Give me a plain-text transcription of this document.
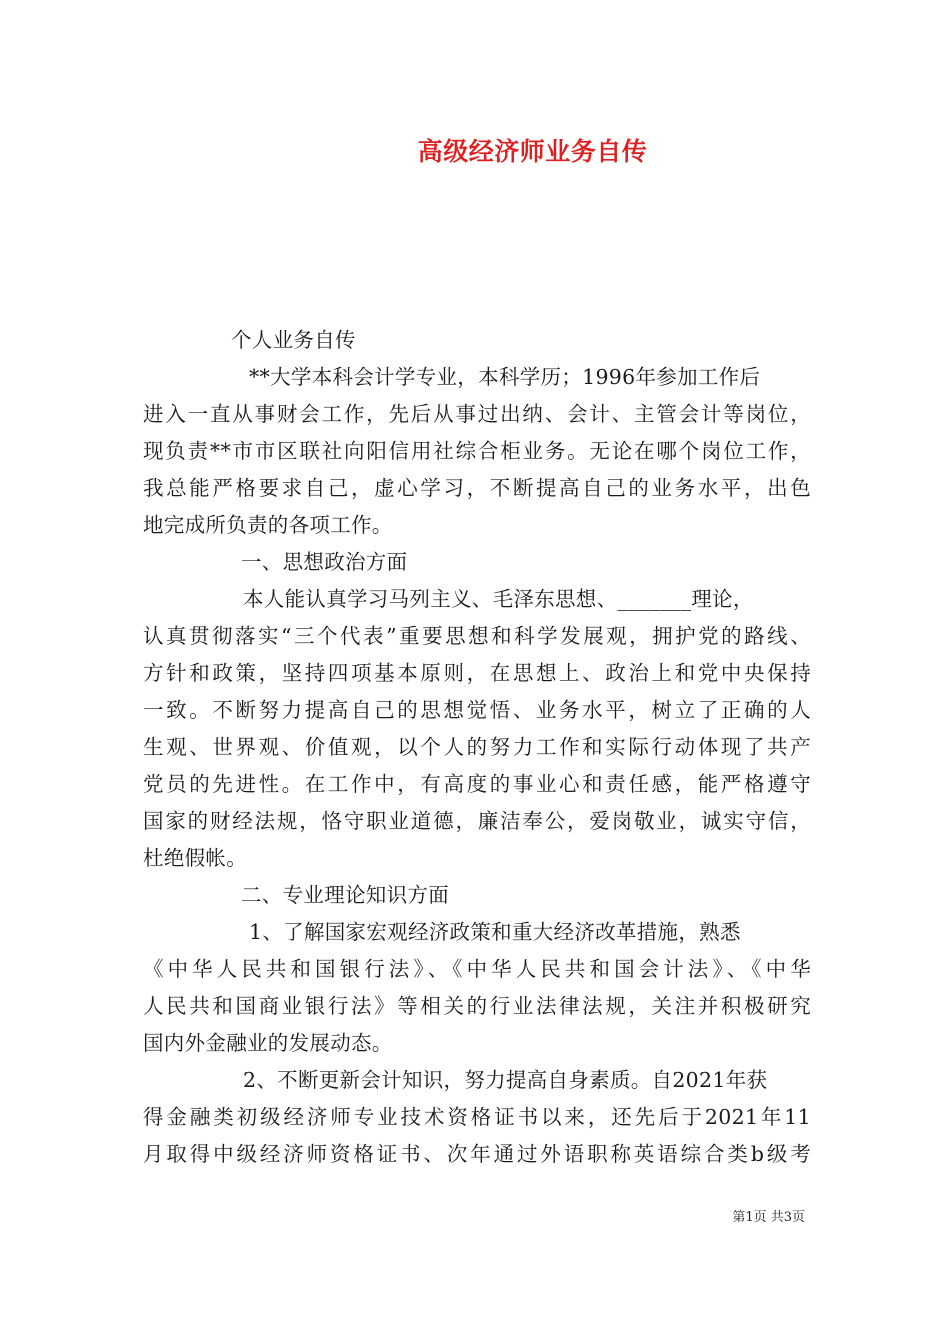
高级经济师业务自传
个人业务自传
**大学本科会计学专业，本科学历；1996年参加工作后
进入一直从事财会工作，先后从事过出纳、会计、主管会计等岗位，
现负责**市市区联社向阳信用社综合柜业务。无论在哪个岗位工作，
我总能严格要求自己，虚心学习，不断提高自己的业务水平，出色
地完成所负责的各项工作。
一、思想政治方面
本人能认真学习马列主义、毛泽东思想、_______理论，
认真贯彻落实“三个代表”重要思想和科学发展观，拥护党的路线、
方针和政策，坚持四项基本原则，在思想上、政治上和党中央保持
一致。不断努力提高自己的思想觉悟、业务水平，树立了正确的人
生观、世界观、价值观，以个人的努力工作和实际行动体现了共产
党员的先进性。在工作中，有高度的事业心和责任感，能严格遵守
国家的财经法规，恪守职业道德，廉洁奉公，爱岗敬业，诚实守信，
杜绝假帐。
二、专业理论知识方面
1、了解国家宏观经济政策和重大经济改革措施，熟悉
《中华人民共和国银行法》、《中华人民共和国会计法》、《中华
人民共和国商业银行法》等相关的行业法律法规，关注并积极研究
国内外金融业的发展动态。
2、不断更新会计知识，努力提高自身素质。自2021年获
得金融类初级经济师专业技术资格证书以来，还先后于2021年11
月取得中级经济师资格证书、次年通过外语职称英语综合类b级考
第1页 共3页
